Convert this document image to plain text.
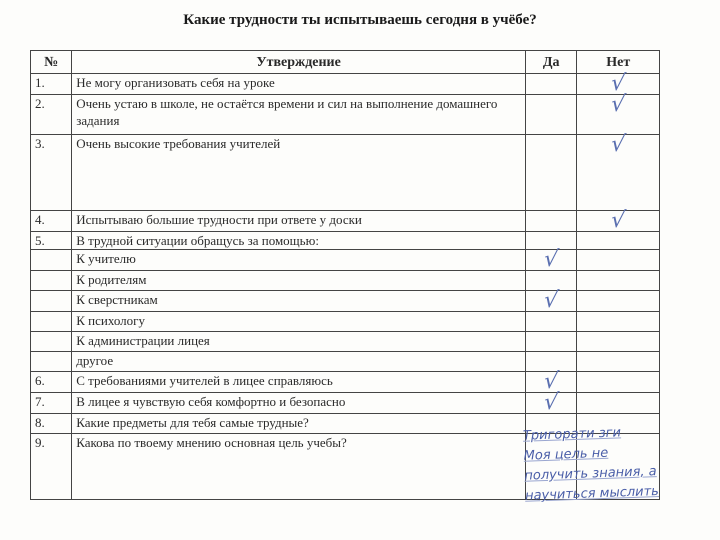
Какие трудности ты испытываешь сегодня в учёбе?
№	Утверждение	Да	Нет
1.	Не могу организовать себя на уроке		√
2.	Очень устаю в школе, не остаётся времени и сил на выполнение домашнего задания		√
3.	Очень высокие требования учителей		√
4.	Испытываю большие трудности при ответе у доски		√
5.	В трудной ситуации обращусь за помощью:		
	К учителю	√	
	К родителям		
	К сверстникам	√	
	К психологу		
	К администрации лицея		
	другое		
6.	С требованиями учителей в лицее справляюсь	√	
7.	В лицее я чувствую себя комфортно и безопасно	√	
8.	Какие предметы для тебя самые трудные?		
9.	Какова по твоему мнению основная цель учебы?			Тригорати зги
Моя цель не
получить знания, а
научиться мыслить
